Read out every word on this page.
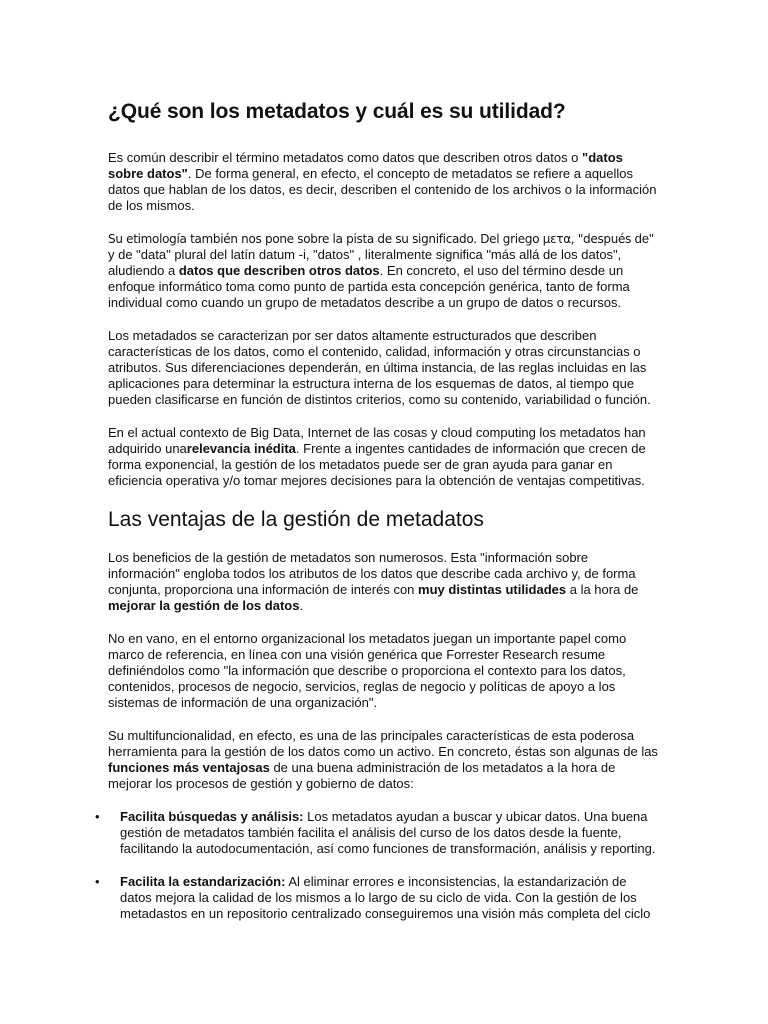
¿Qué son los metadatos y cuál es su utilidad?

Es común describir el término metadatos como datos que describen otros datos o "datos sobre datos". De forma general, en efecto, el concepto de metadatos se refiere a aquellos datos que hablan de los datos, es decir, describen el contenido de los archivos o la información de los mismos.

Su etimología también nos pone sobre la pista de su significado. Del griego μετα, "después de" y de "data" plural del latín datum -i, "datos" , literalmente significa "más allá de los datos", aludiendo a datos que describen otros datos. En concreto, el uso del término desde un enfoque informático toma como punto de partida esta concepción genérica, tanto de forma individual como cuando un grupo de metadatos describe a un grupo de datos o recursos.

Los metadados se caracterizan por ser datos altamente estructurados que describen características de los datos, como el contenido, calidad, información y otras circunstancias o atributos. Sus diferenciaciones dependerán, en última instancia, de las reglas incluidas en las aplicaciones para determinar la estructura interna de los esquemas de datos, al tiempo que pueden clasificarse en función de distintos criterios, como su contenido, variabilidad o función.

En el actual contexto de Big Data, Internet de las cosas y cloud computing los metadatos han adquirido unarelevancia inédita. Frente a ingentes cantidades de información que crecen de forma exponencial, la gestión de los metadatos puede ser de gran ayuda para ganar en eficiencia operativa y/o tomar mejores decisiones para la obtención de ventajas competitivas.

Las ventajas de la gestión de metadatos

Los beneficios de la gestión de metadatos son numerosos. Esta "información sobre información" engloba todos los atributos de los datos que describe cada archivo y, de forma conjunta, proporciona una información de interés con muy distintas utilidades a la hora de mejorar la gestión de los datos.

No en vano, en el entorno organizacional los metadatos juegan un importante papel como marco de referencia, en línea con una visión genérica que Forrester Research resume definiéndolos como "la información que describe o proporciona el contexto para los datos, contenidos, procesos de negocio, servicios, reglas de negocio y políticas de apoyo a los sistemas de información de una organización".

Su multifuncionalidad, en efecto, es una de las principales características de esta poderosa herramienta para la gestión de los datos como un activo. En concreto, éstas son algunas de las funciones más ventajosas de una buena administración de los metadatos a la hora de mejorar los procesos de gestión y gobierno de datos:

• Facilita búsquedas y análisis: Los metadatos ayudan a buscar y ubicar datos. Una buena gestión de metadatos también facilita el análisis del curso de los datos desde la fuente, facilitando la autodocumentación, así como funciones de transformación, análisis y reporting.
• Facilita la estandarización: Al eliminar errores e inconsistencias, la estandarización de datos mejora la calidad de los mismos a lo largo de su ciclo de vida. Con la gestión de los metadastos en un repositorio centralizado conseguiremos una visión más completa del ciclo
